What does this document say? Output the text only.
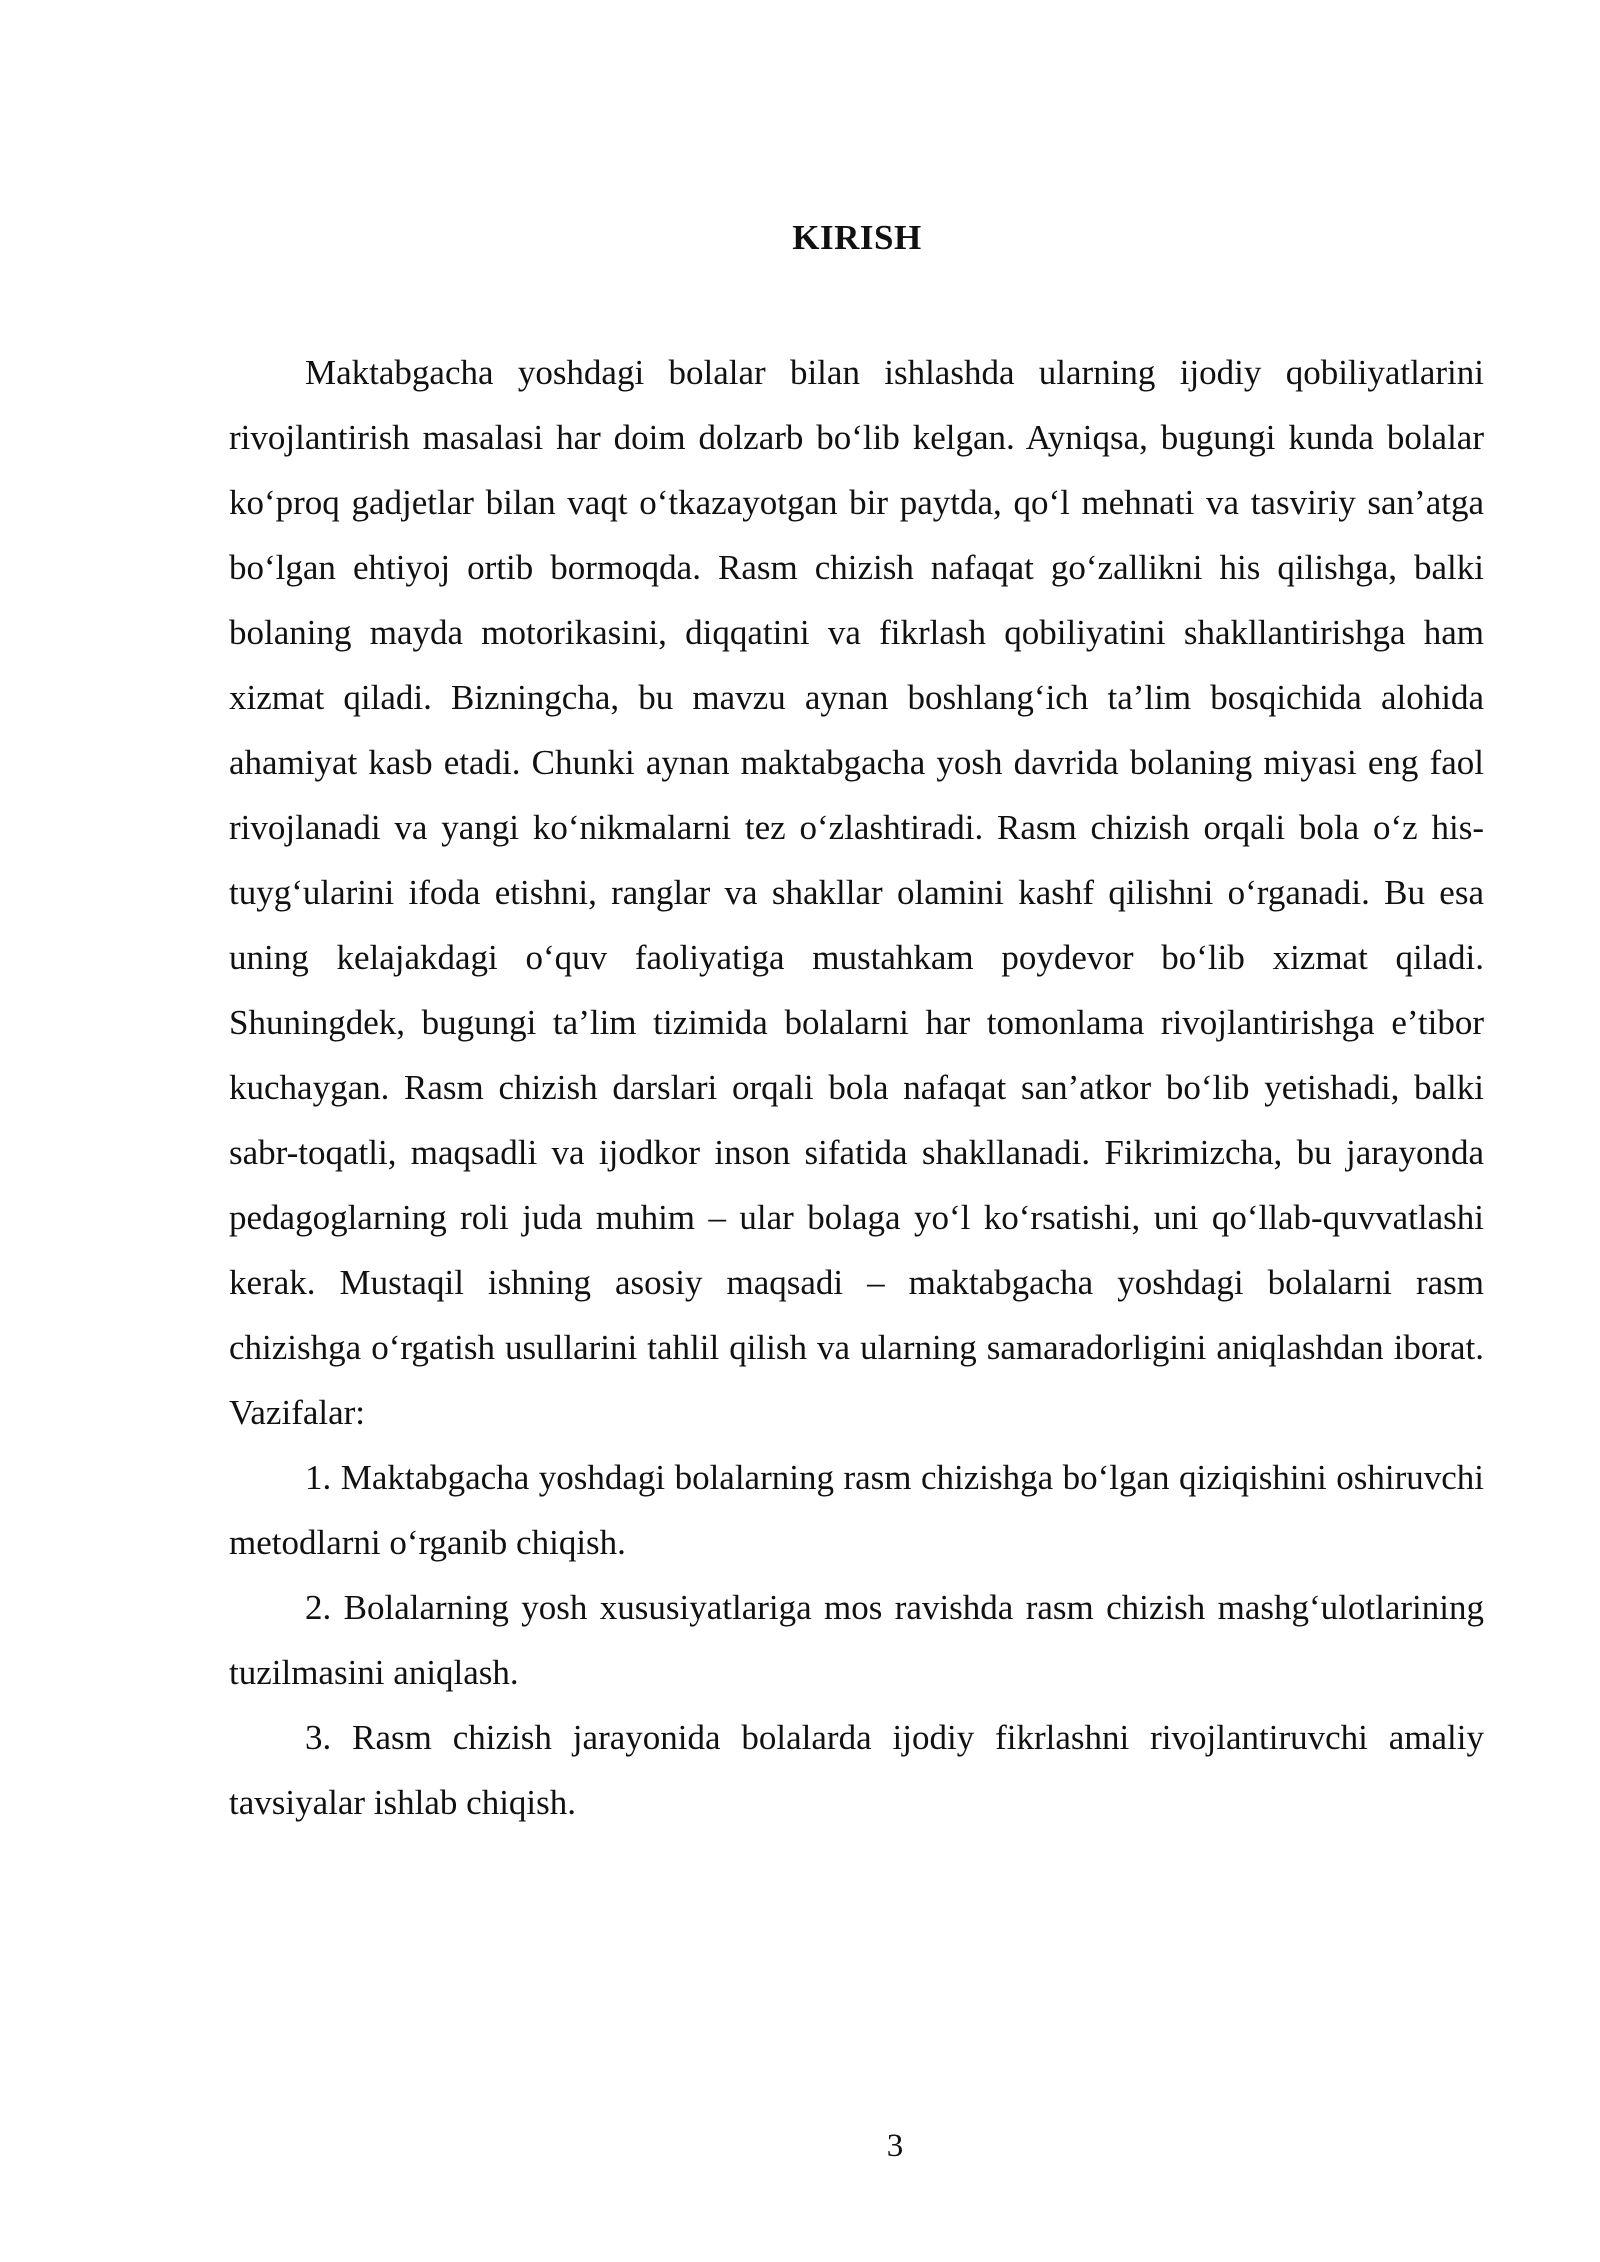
KIRISH

Maktabgacha yoshdagi bolalar bilan ishlashda ularning ijodiy qobiliyatlarini rivojlantirish masalasi har doim dolzarb bo‘lib kelgan. Ayniqsa, bugungi kunda bolalar ko‘proq gadjetlar bilan vaqt o‘tkazayotgan bir paytda, qo‘l mehnati va tasviriy san’atga bo‘lgan ehtiyoj ortib bormoqda. Rasm chizish nafaqat go‘zallikni his qilishga, balki bolaning mayda motorikasini, diqqatini va fikrlash qobiliyatini shakllantirishga ham xizmat qiladi. Bizningcha, bu mavzu aynan boshlang‘ich ta’lim bosqichida alohida ahamiyat kasb etadi. Chunki aynan maktabgacha yosh davrida bolaning miyasi eng faol rivojlanadi va yangi ko‘nikmalarni tez o‘zlashtiradi. Rasm chizish orqali bola o‘z his-tuyg‘ularini ifoda etishni, ranglar va shakllar olamini kashf qilishni o‘rganadi. Bu esa uning kelajakdagi o‘quv faoliyatiga mustahkam poydevor bo‘lib xizmat qiladi. Shuningdek, bugungi ta’lim tizimida bolalarni har tomonlama rivojlantirishga e’tibor kuchaygan. Rasm chizish darslari orqali bola nafaqat san’atkor bo‘lib yetishadi, balki sabr-toqatli, maqsadli va ijodkor inson sifatida shakllanadi. Fikrimizcha, bu jarayonda pedagoglarning roli juda muhim – ular bolaga yo‘l ko‘rsatishi, uni qo‘llab-quvvatlashi kerak. Mustaqil ishning asosiy maqsadi – maktabgacha yoshdagi bolalarni rasm chizishga o‘rgatish usullarini tahlil qilish va ularning samaradorligini aniqlashdan iborat. Vazifalar:

1. Maktabgacha yoshdagi bolalarning rasm chizishga bo‘lgan qiziqishini oshiruvchi metodlarni o‘rganib chiqish.

2. Bolalarning yosh xususiyatlariga mos ravishda rasm chizish mashg‘ulotlarining tuzilmasini aniqlash.

3. Rasm chizish jarayonida bolalarda ijodiy fikrlashni rivojlantiruvchi amaliy tavsiyalar ishlab chiqish.

3
